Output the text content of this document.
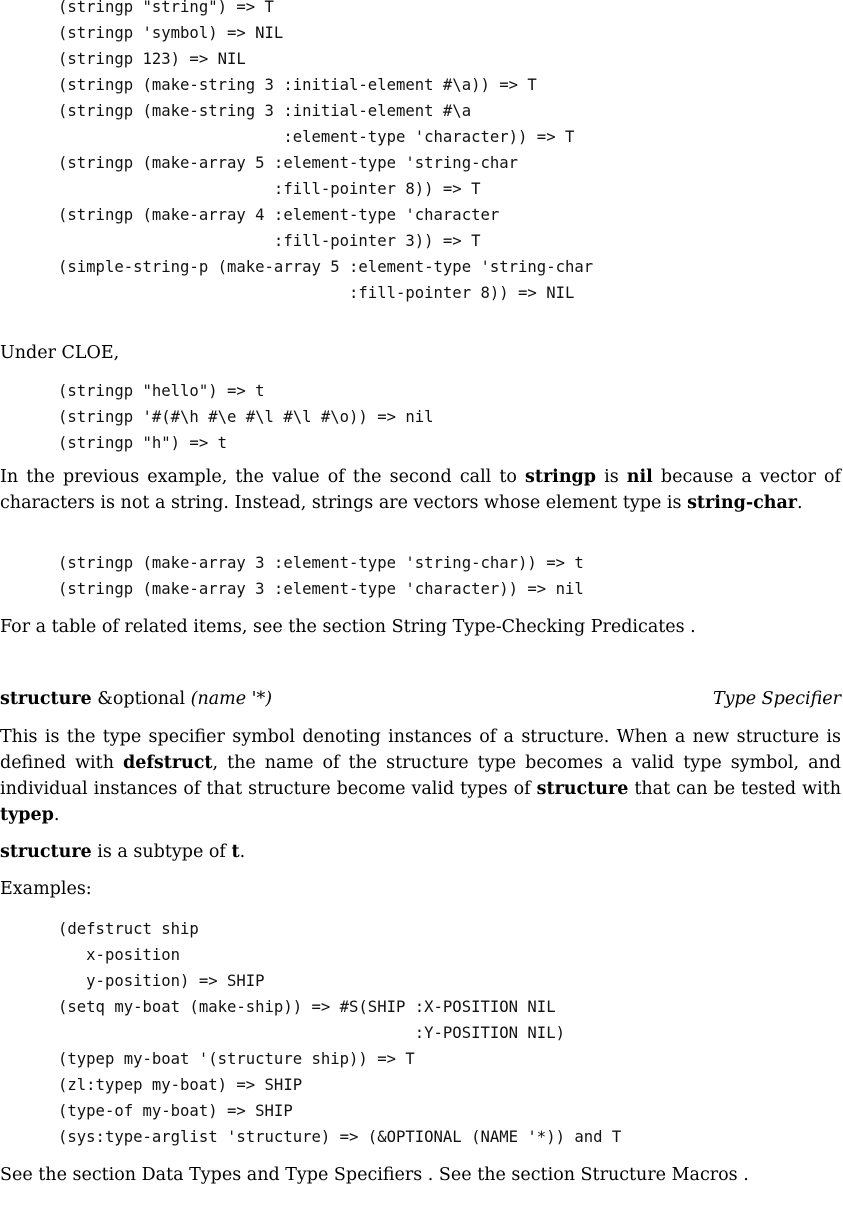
(stringp "string") => T
(stringp 'symbol) => NIL
(stringp 123) => NIL
(stringp (make-string 3 :initial-element #\a)) => T
(stringp (make-string 3 :initial-element #\a
:element-type 'character)) => T
(stringp (make-array 5 :element-type 'string-char
:fill-pointer 8)) => T
(stringp (make-array 4 :element-type 'character
:fill-pointer 3)) => T
(simple-string-p (make-array 5 :element-type 'string-char
:fill-pointer 8)) => NIL

Under CLOE,

(stringp "hello") => t
(stringp '#(#\h #\e #\l #\l #\o)) => nil
(stringp "h") => t

In the previous example, the value of the second call to stringp is nil because a vector of characters is not a string. Instead, strings are vectors whose element type is string-char.

(stringp (make-array 3 :element-type 'string-char)) => t
(stringp (make-array 3 :element-type 'character)) => nil

For a table of related items, see the section String Type-Checking Predicates .

structure &optional (name '*)	Type Specifier

This is the type specifier symbol denoting instances of a structure. When a new structure is defined with defstruct, the name of the structure type becomes a valid type symbol, and individual instances of that structure become valid types of structure that can be tested with typep.

structure is a subtype of t.

Examples:

(defstruct ship
x-position
y-position) => SHIP
(setq my-boat (make-ship)) => #S(SHIP :X-POSITION NIL
:Y-POSITION NIL)
(typep my-boat '(structure ship)) => T
(zl:typep my-boat) => SHIP
(type-of my-boat) => SHIP
(sys:type-arglist 'structure) => (&OPTIONAL (NAME '*)) and T

See the section Data Types and Type Specifiers . See the section Structure Macros .
